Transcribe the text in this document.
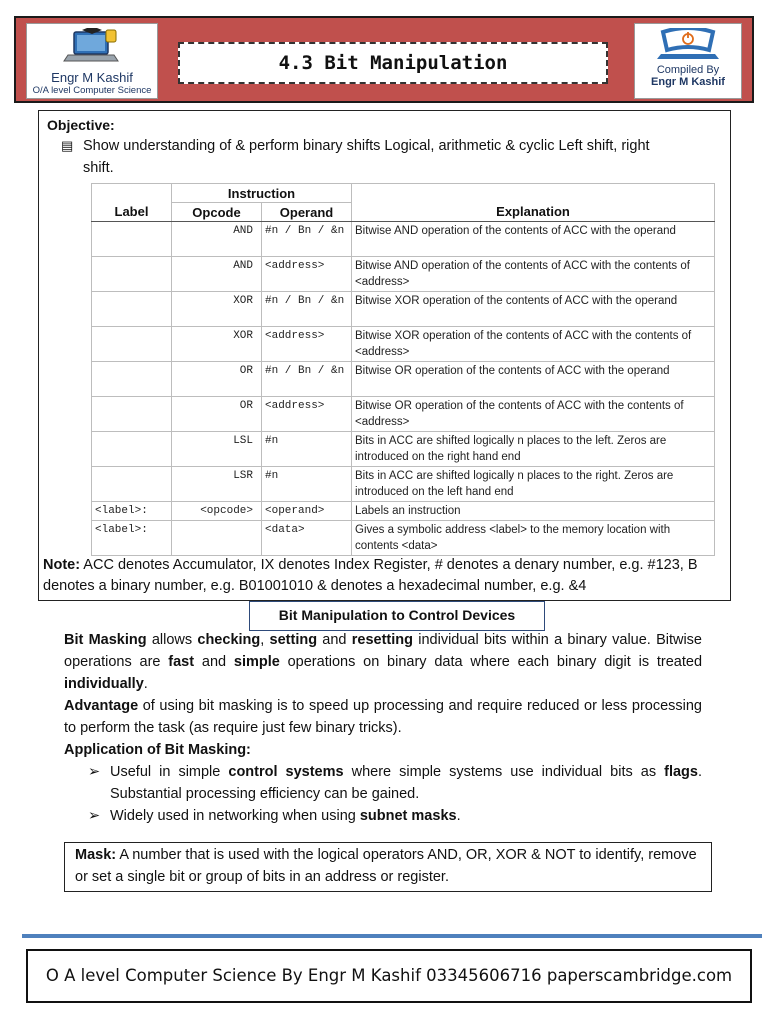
Engr M Kashif
O/A level Computer Science
4.3 Bit Manipulation	Compiled By
Engr M Kashif
Objective:
▤ Show understanding of & perform binary shifts Logical, arithmetic & cyclic Left shift, right
shift.
	Instruction		
Label	Opcode	Operand	Explanation
	AND	#n / Bn / &n	Bitwise AND operation of the contents of ACC with the operand
	AND	<address>	Bitwise AND operation of the contents of ACC with the contents of <address>
	XOR	#n / Bn / &n	Bitwise XOR operation of the contents of ACC with the operand
	XOR	<address>	Bitwise XOR operation of the contents of ACC with the contents of <address>
	OR	#n / Bn / &n	Bitwise OR operation of the contents of ACC with the operand
	OR	<address>	Bitwise OR operation of the contents of ACC with the contents of <address>
	LSL	#n	Bits in ACC are shifted logically n places to the left. Zeros are introduced on the right hand end
	LSR	#n	Bits in ACC are shifted logically n places to the right. Zeros are introduced on the left hand end
<label>:	<opcode>	<operand>	Labels an instruction
<label>:		<data>	Gives a symbolic address <label> to the memory location with contents <data>
Note: ACC denotes Accumulator, IX denotes Index Register, # denotes a denary number, e.g. #123, B denotes a binary number, e.g. B01001010 & denotes a hexadecimal number, e.g. &4
Bit Manipulation to Control Devices

Bit Masking allows checking, setting and resetting individual bits within a binary value. Bitwise operations are fast and simple operations on binary data where each binary digit is treated individually.

Advantage of using bit masking is to speed up processing and require reduced or less processing to perform the task (as require just few binary tricks).

Application of Bit Masking:

➢ Useful in simple control systems where simple systems use individual bits as flags. Substantial processing efficiency can be gained.
➢ Widely used in networking when using subnet masks.
Mask: A number that is used with the logical operators AND, OR, XOR & NOT to identify, remove or set a single bit or group of bits in an address or register.
O A level Computer Science By Engr M Kashif 03345606716 paperscambridge.com
